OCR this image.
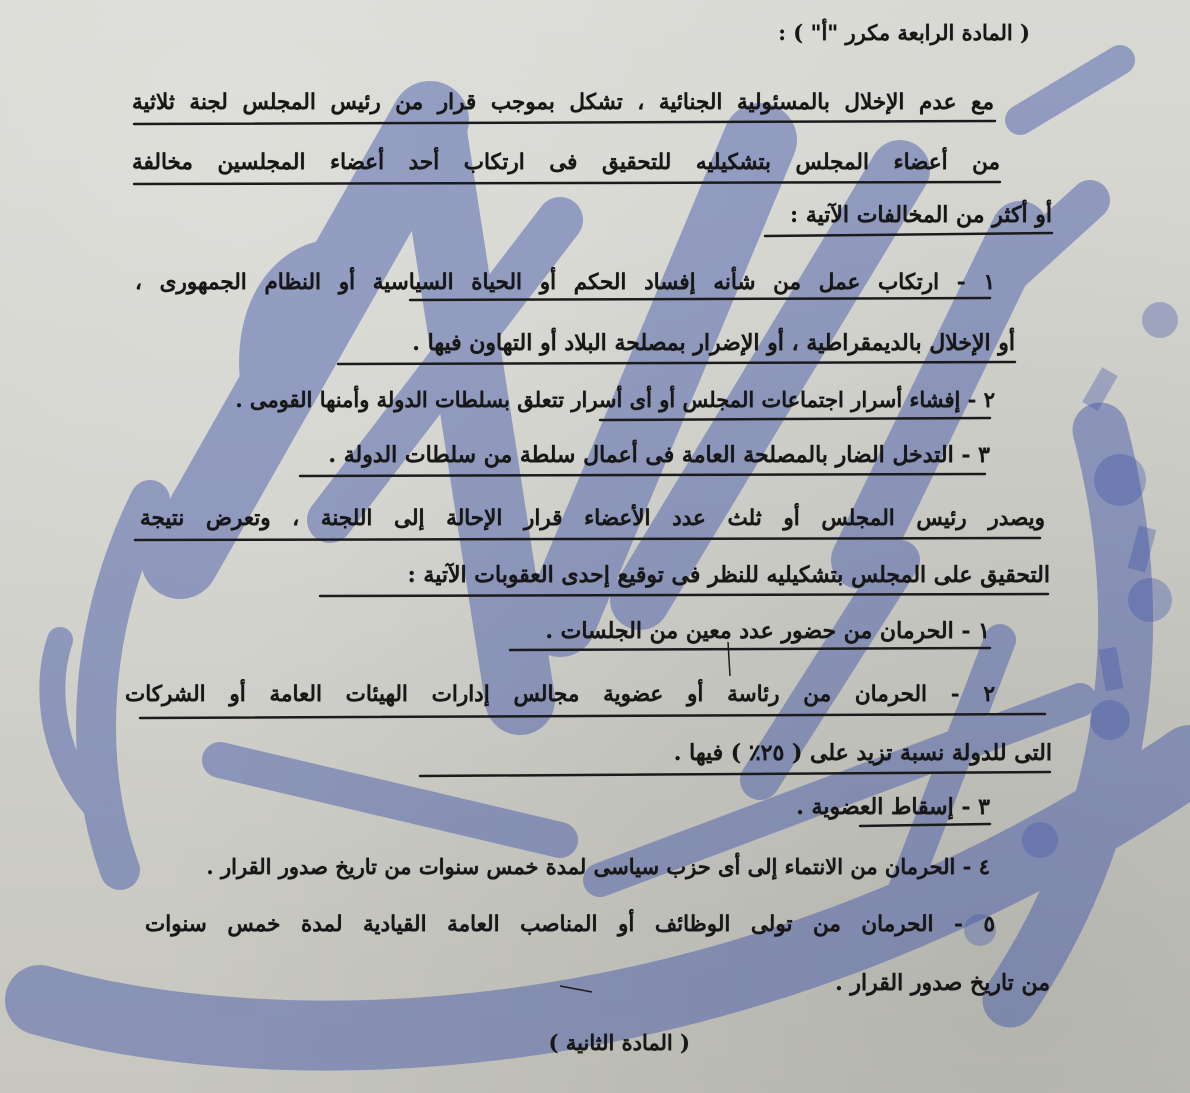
( المادة الرابعة مكرر "أ" ) :
مع عدم الإخلال بالمسئولية الجنائية ، تشكل بموجب قرار من رئيس المجلس لجنة ثلاثية
من أعضاء المجلس بتشكيليه للتحقيق فى ارتكاب أحد أعضاء المجلسين مخالفة
أو أكثر من المخالفات الآتية :
١ - ارتكاب عمل من شأنه إفساد الحكم أو الحياة السياسية أو النظام الجمهورى ،
أو الإخلال بالديمقراطية ، أو الإضرار بمصلحة البلاد أو التهاون فيها .
٢ - إفشاء أسرار اجتماعات المجلس أو أى أسرار تتعلق بسلطات الدولة وأمنها القومى .
٣ - التدخل الضار بالمصلحة العامة فى أعمال سلطة من سلطات الدولة .
ويصدر رئيس المجلس أو ثلث عدد الأعضاء قرار الإحالة إلى اللجنة ، وتعرض نتيجة
التحقيق على المجلس بتشكيليه للنظر فى توقيع إحدى العقوبات الآتية :
١ - الحرمان من حضور عدد معين من الجلسات .
٢ - الحرمان من رئاسة أو عضوية مجالس إدارات الهيئات العامة أو الشركات
التى للدولة نسبة تزيد على ( ٢٥٪ ) فيها .
٣ - إسقاط العضوية .
٤ - الحرمان من الانتماء إلى أى حزب سياسى لمدة خمس سنوات من تاريخ صدور القرار .
٥ - الحرمان من تولى الوظائف أو المناصب العامة القيادية لمدة خمس سنوات
من تاريخ صدور القرار .
( المادة الثانية )
